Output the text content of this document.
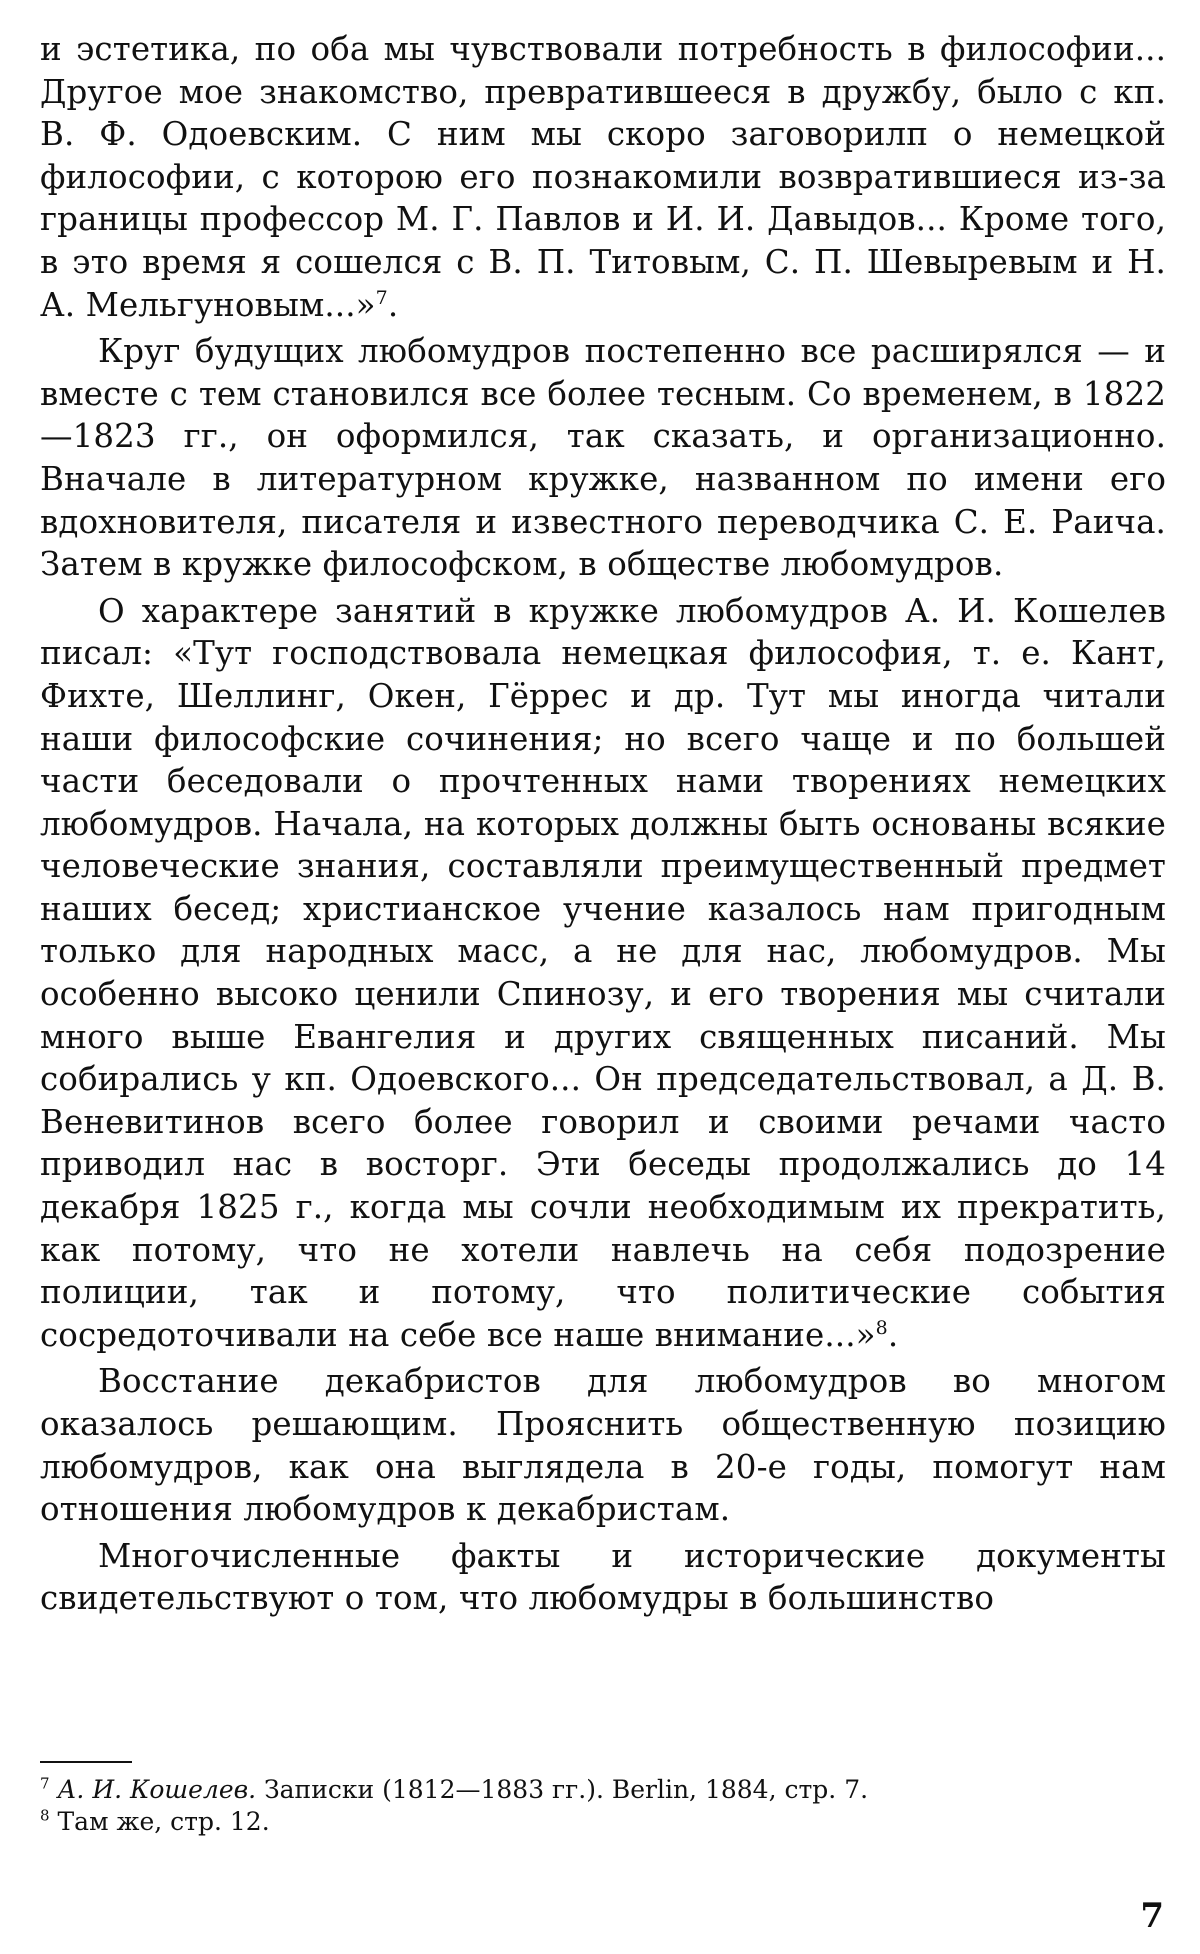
и эстетика, по оба мы чувствовали потребность в философии... Другое мое знакомство, превратившееся в дружбу, было с кп. В. Ф. Одоевским. С ним мы скоро заговорилп о немецкой философии, с которою его познакомили возвратившиеся из-за границы профессор М. Г. Павлов и И. И. Давыдов... Кроме того, в это время я сошелся с В. П. Титовым, С. П. Шевыревым и Н. А. Мельгуновым...»$^7$.

Круг будущих любомудров постепенно все расширялся — и вместе с тем становился все более тесным. Со временем, в 1822—1823 гг., он оформился, так сказать, и организационно. Вначале в литературном кружке, названном по имени его вдохновителя, писателя и известного переводчика С. Е. Раича. Затем в кружке философском, в обществе любомудров.

О характере занятий в кружке любомудров А. И. Кошелев писал: «Тут господствовала немецкая философия, т. е. Кант, Фихте, Шеллинг, Окен, Гёррес и др. Тут мы иногда читали наши философские сочинения; но всего чаще и по большей части беседовали о прочтенных нами творениях немецких любомудров. Начала, на которых должны быть основаны всякие человеческие знания, составляли преимущественный предмет наших бесед; христианское учение казалось нам пригодным только для народных масс, а не для нас, любомудров. Мы особенно высоко ценили Спинозу, и его творения мы считали много выше Евангелия и других священных писаний. Мы собирались у кп. Одоевского... Он председательствовал, а Д. В. Веневитинов всего более говорил и своими речами часто приводил нас в восторг. Эти беседы продолжались до 14 декабря 1825 г., когда мы сочли необходимым их прекратить, как потому, что не хотели навлечь на себя подозрение полиции, так и потому, что политические события сосредоточивали на себе все наше внимание...»$^8$.

Восстание декабристов для любомудров во многом оказалось решающим. Прояснить общественную позицию любомудров, как она выглядела в 20-е годы, помогут нам отношения любомудров к декабристам.

Многочисленные факты и исторические документы свидетельствуют о том, что любомудры в большинство

$^7$ А. И. Кошелев. Записки (1812—1883 гг.). Berlin, 1884, стр. 7.

$^8$ Там же, стр. 12.

7
